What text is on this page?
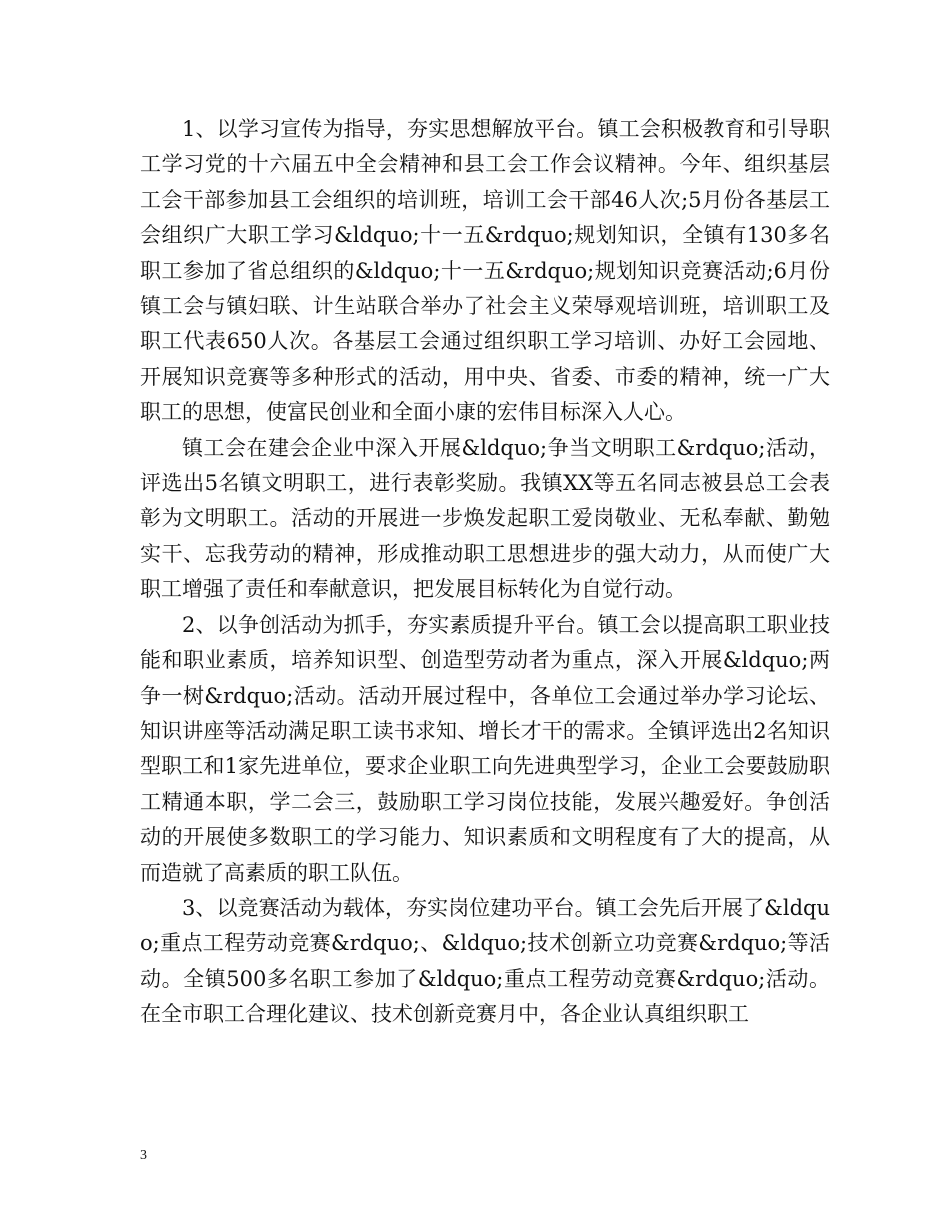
1、以学习宣传为指导，夯实思想解放平台。镇工会积极教育和引导职工学习党的十六届五中全会精神和县工会工作会议精神。今年、组织基层工会干部参加县工会组织的培训班，培训工会干部46人次;5月份各基层工会组织广大职工学习&ldquo;十一五&rdquo;规划知识，全镇有130多名职工参加了省总组织的&ldquo;十一五&rdquo;规划知识竞赛活动;6月份镇工会与镇妇联、计生站联合举办了社会主义荣辱观培训班，培训职工及职工代表650人次。各基层工会通过组织职工学习培训、办好工会园地、开展知识竞赛等多种形式的活动，用中央、省委、市委的精神，统一广大职工的思想，使富民创业和全面小康的宏伟目标深入人心。

镇工会在建会企业中深入开展&ldquo;争当文明职工&rdquo;活动，评选出5名镇文明职工，进行表彰奖励。我镇XX等五名同志被县总工会表彰为文明职工。活动的开展进一步焕发起职工爱岗敬业、无私奉献、勤勉实干、忘我劳动的精神，形成推动职工思想进步的强大动力，从而使广大职工增强了责任和奉献意识，把发展目标转化为自觉行动。

2、以争创活动为抓手，夯实素质提升平台。镇工会以提高职工职业技能和职业素质，培养知识型、创造型劳动者为重点，深入开展&ldquo;两争一树&rdquo;活动。活动开展过程中，各单位工会通过举办学习论坛、知识讲座等活动满足职工读书求知、增长才干的需求。全镇评选出2名知识型职工和1家先进单位，要求企业职工向先进典型学习，企业工会要鼓励职工精通本职，学二会三，鼓励职工学习岗位技能，发展兴趣爱好。争创活动的开展使多数职工的学习能力、知识素质和文明程度有了大的提高，从而造就了高素质的职工队伍。

3、以竞赛活动为载体，夯实岗位建功平台。镇工会先后开展了&ldquo;重点工程劳动竞赛&rdquo;、&ldquo;技术创新立功竞赛&rdquo;等活动。全镇500多名职工参加了&ldquo;重点工程劳动竞赛&rdquo;活动。在全市职工合理化建议、技术创新竞赛月中，各企业认真组织职工

3
